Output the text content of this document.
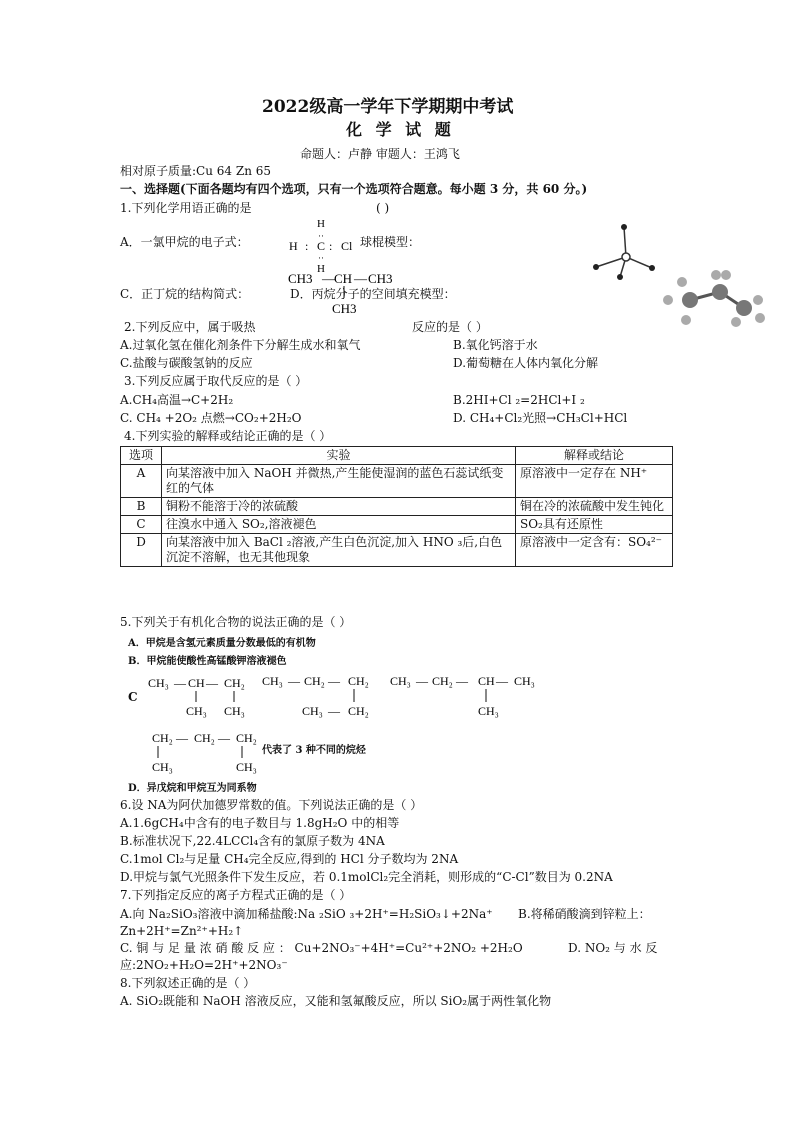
2022级高一学年下学期期中考试
化 学 试 题
命题人：卢静 审题人：王鸿飞
相对原子质量:Cu 64 Zn 65
一、选择题(下面各题均有四个选项，只有一个选项符合题意。每小题 3 分，共 60 分。)
1.下列化学用语正确的是	( )
A．一氯甲烷的电子式：
H
··
H : C : Cl
··
H
球棍模型：
C．正丁烷的结构简式：
CH3 — CH — CH3
CH3
D．丙烷分子的空间填充模型：
2.下列反应中，属于吸热	反应的是（ ）
A.过氧化氢在催化剂条件下分解生成水和氧气	B.氧化钙溶于水
C.盐酸与碳酸氢钠的反应	D.葡萄糖在人体内氧化分解
3.下列反应属于取代反应的是（ ）
A.CH₄高温→C+2H₂	B.2HI+Cl ₂=2HCl+I ₂
C. CH₄ +2O₂ 点燃→CO₂+2H₂O	D. CH₄+Cl₂光照→CH₃Cl+HCl
4.下列实验的解释或结论正确的是（ ）
选项	实验	解释或结论
A	向某溶液中加入 NaOH 并微热,产生能使湿润的蓝色石蕊试纸变红的气体	原溶液中一定存在 NH⁺
B	铜粉不能溶于冷的浓硫酸	铜在冷的浓硫酸中发生钝化
C	往溴水中通入 SO₂,溶液褪色	SO₂具有还原性
D	向某溶液中加入 BaCl ₂溶液,产生白色沉淀,加入 HNO ₃后,白色沉淀不溶解，也无其他现象	原溶液中一定含有：SO₄²⁻
5.下列关于有机化合物的说法正确的是（ ）
A．甲烷是含氢元素质量分数最低的有机物
B．甲烷能使酸性高锰酸钾溶液褪色
C
CH₃ — CH — CH₂
CH₃ CH₃
CH₃ — CH₂ — CH₂
CH₃ — CH₂
CH₃ — CH₂ — CH — CH₃
CH₃
CH₂ — CH₂ — CH₂
CH₃	CH₃
代表了 3 种不同的烷烃
D．异戊烷和甲烷互为同系物
6.设 NA为阿伏加德罗常数的值。下列说法正确的是（ ）
A.1.6gCH₄中含有的电子数目与 1.8gH₂O 中的相等
B.标准状况下,22.4LCCl₄含有的氯原子数为 4NA
C.1mol Cl₂与足量 CH₄完全反应,得到的 HCl 分子数均为 2NA
D.甲烷与氯气光照条件下发生反应，若 0.1molCl₂完全消耗，则形成的“C-Cl”数目为 0.2NA
7.下列指定反应的离子方程式正确的是（ ）
A.向 Na₂SiO₃溶液中滴加稀盐酸:Na ₂SiO ₃+2H⁺=H₂SiO₃↓+2Na⁺ B.将稀硝酸滴到锌粒上：
Zn+2H⁺=Zn²⁺+H₂↑
C. 铜 与 足 量 浓 硝 酸 反 应 ： Cu+2NO₃⁻+4H⁺=Cu²⁺+2NO₂ +2H₂O	D. NO₂ 与 水 反
应:2NO₂+H₂O=2H⁺+2NO₃⁻
8.下列叙述正确的是（ ）
A. SiO₂既能和 NaOH 溶液反应，又能和氢氟酸反应，所以 SiO₂属于两性氧化物
